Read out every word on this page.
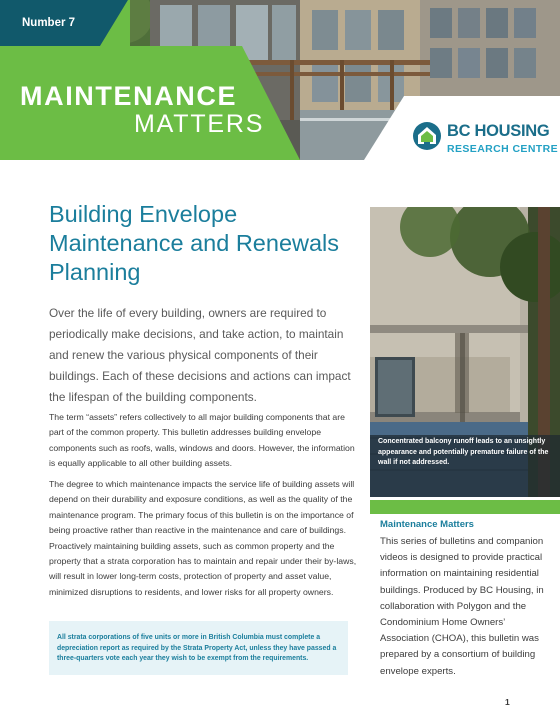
Number 7
MAINTENANCE
MATTERS	BC HOUSING
RESEARCH CENTRE
Building Envelope
Maintenance and Renewals
Planning

Over the life of every building, owners are required to periodically make decisions, and take action, to maintain and renew the various physical components of their buildings. Each of these decisions and actions can impact the lifespan of the building components.

The term “assets” refers collectively to all major building components that are part of the common property. This bulletin addresses building envelope components such as roofs, walls, windows and doors. However, the information is equally applicable to all other building assets.

The degree to which maintenance impacts the service life of building assets will depend on their durability and exposure conditions, as well as the quality of the maintenance program. The primary focus of this bulletin is on the importance of being proactive rather than reactive in the maintenance and care of buildings. Proactively maintaining building assets, such as common property and the property that a strata corporation has to maintain and repair under their by-laws, will result in lower long-term costs, protection of property and asset value, minimized disruptions to residents, and lower risks for all property owners.

All strata corporations of five units or more in British Columbia must complete a depreciation report as required by the Strata Property Act, unless they have passed a three-quarters vote each year they wish to be exempt from the requirements.

Concentrated balcony runoff leads to an unsightly appearance and potentially premature failure of the wall if not addressed.

Maintenance Matters

This series of bulletins and companion videos is designed to provide practical information on maintaining residential buildings. Produced by BC Housing, in collaboration with Polygon and the Condominium Home Owners’ Association (CHOA), this bulletin was prepared by a consortium of building envelope experts.

1
